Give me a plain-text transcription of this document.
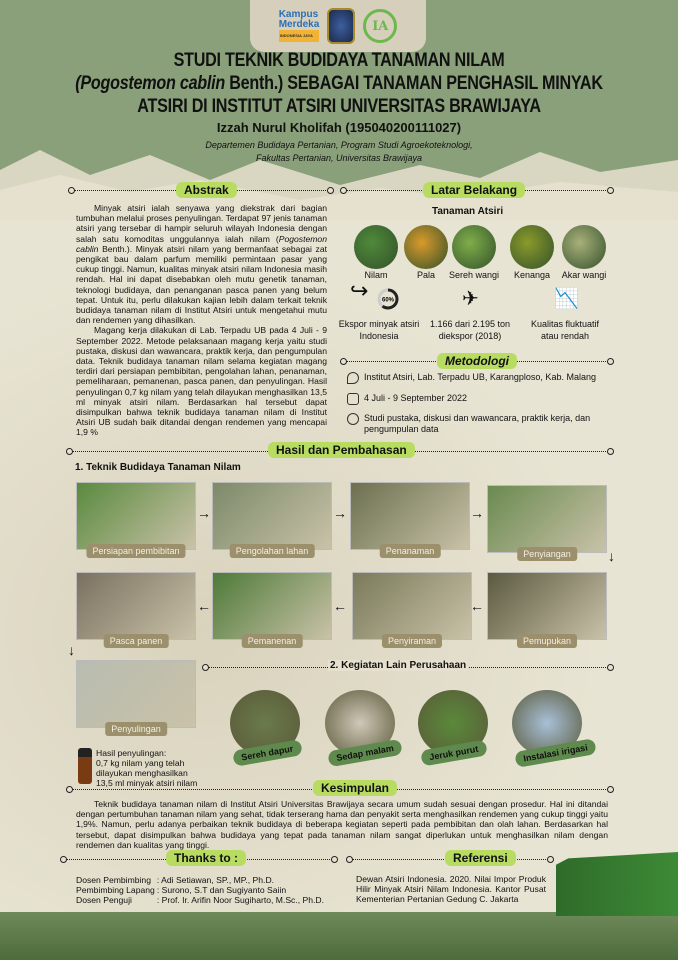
Kampus
Merdeka
INDONESIA JAYA
IA
STUDI TEKNIK BUDIDAYA TANAMAN NILAM
(Pogostemon cablin Benth.) SEBAGAI TANAMAN PENGHASIL MINYAK
ATSIRI DI INSTITUT ATSIRI UNIVERSITAS BRAWIJAYA
Izzah Nurul Kholifah (195040200111027)
Departemen Budidaya Pertanian, Program Studi Agroekoteknologi,
Fakultas Pertanian, Universitas Brawijaya
Abstrak

Minyak atsiri ialah senyawa yang diekstrak dari bagian tumbuhan melalui proses penyulingan. Terdapat 97 jenis tanaman atsiri yang tersebar di hampir seluruh wilayah Indonesia dengan salah satu komoditas unggulannya ialah nilam (Pogostemon cablin Benth.). Minyak atsiri nilam yang bermanfaat sebagai zat pengikat bau dalam parfum memiliki permintaan pasar yang cukup tinggi. Namun, kualitas minyak atsiri nilam Indonesia masih rendah. Hal ini dapat disebabkan oleh mutu genetik tanaman, teknologi budidaya, dan penanganan pasca panen yang belum tepat. Untuk itu, perlu dilakukan kajian lebih dalam terkait teknik budidaya tanaman nilam di Institut Atsiri untuk mengetahui mutu dan rendemen yang dihasilkan.

Magang kerja dilakukan di Lab. Terpadu UB pada 4 Juli - 9 September 2022. Metode pelaksanaan magang kerja yaitu studi pustaka, diskusi dan wawancara, praktik kerja, dan pengumpulan data. Teknik budidaya tanaman nilam selama kegiatan magang terdiri dari persiapan pembibitan, pengolahan lahan, penanaman, pemeliharaan, pemanenan, pasca panen, dan penyulingan. Hasil penyulingan 0,7 kg nilam yang telah dilayukan menghasilkan 13,5 ml minyak atsiri nilam. Berdasarkan hal tersebut dapat disimpulkan bahwa teknik budidaya tanaman nilam di Institut Atsiri UB sudah baik ditandai dengan rendemen yang mencapai 1,9 %

Latar Belakang
Tanaman Atsiri
Nilam	Pala	Sereh wangi	Kenanga	Akar wangi
↪ 60%	✈	📉
Ekspor minyak atsiri Indonesia
1.166 dari 2.195 ton diekspor (2018)
Kualitas fluktuatif atau rendah
Metodologi
Institut Atsiri, Lab. Terpadu UB, Karangploso, Kab. Malang
4 Juli - 9 September 2022
Studi pustaka, diskusi dan wawancara, praktik kerja, dan pengumpulan data
Hasil dan Pembahasan
1. Teknik Budidaya Tanaman Nilam
Persiapan pembibitan	Pengolahan lahan	Penanaman	Penyiangan
Pemupukan
Penyiraman
Pemanenan
Pasca panen
Penyulingan
→	→	→
↓
←
←
←
↓
Hasil penyulingan:
0,7 kg nilam yang telah
dilayukan menghasilkan
13,5 ml minyak atsiri nilam
2. Kegiatan Lain Perusahaan
Sereh dapur	Sedap malam	Jeruk purut	Instalasi irigasi
Kesimpulan
Teknik budidaya tanaman nilam di Institut Atsiri Universitas Brawijaya secara umum sudah sesuai dengan prosedur. Hal ini ditandai dengan pertumbuhan tanaman nilam yang sehat, tidak terserang hama dan penyakit serta menghasilkan rendemen yang cukup tinggi yaitu 1,9%. Namun, perlu adanya perbaikan teknik budidaya di beberapa kegiatan seperti pada pembibitan dan olah lahan. Berdasarkan hal tersebut, dapat disimpulkan bahwa budidaya yang tepat pada tanaman nilam sangat diperlukan untuk menghasilkan nilam dengan rendemen dan kualitas yang tinggi.
Thanks to :
Dosen Pembimbing	: Adi Setiawan, SP., MP., Ph.D.
Pembimbing Lapang	: Surono, S.T dan Sugiyanto Saiin
Dosen Penguji	: Prof. Ir. Arifin Noor Sugiharto, M.Sc., Ph.D.
Referensi
Dewan Atsiri Indonesia. 2020. Nilai Impor Produk Hilir Minyak Atsiri Nilam Indonesia. Kantor Pusat Kementerian Pertanian Gedung C. Jakarta
